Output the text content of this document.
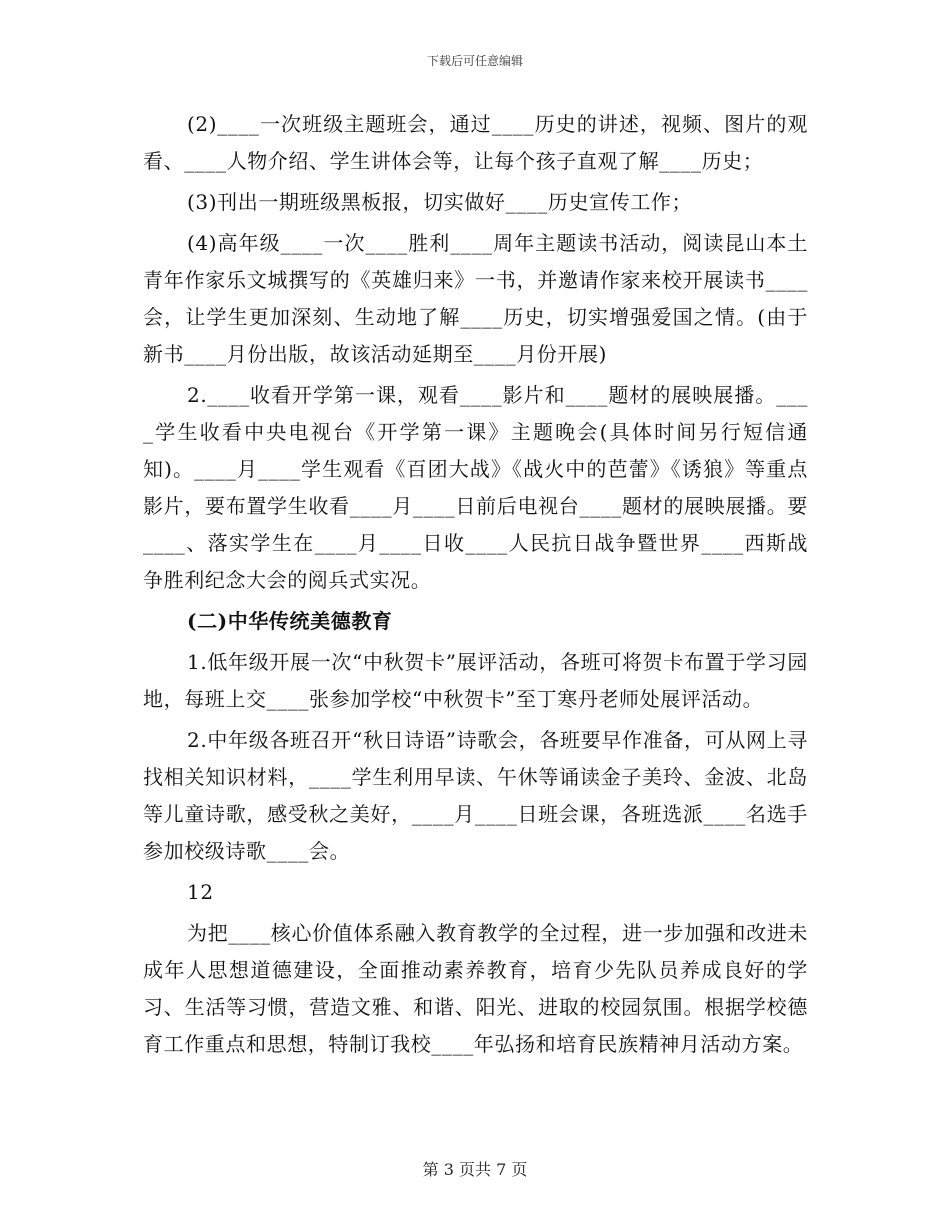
下载后可任意编辑

(2)____一次班级主题班会，通过____历史的讲述，视频、图片的观看、____人物介绍、学生讲体会等，让每个孩子直观了解____历史；

(3)刊出一期班级黑板报，切实做好____历史宣传工作；

(4)高年级____一次____胜利____周年主题读书活动，阅读昆山本土青年作家乐文城撰写的《英雄归来》一书，并邀请作家来校开展读书____会，让学生更加深刻、生动地了解____历史，切实增强爱国之情。(由于新书____月份出版，故该活动延期至____月份开展)

2.____收看开学第一课，观看____影片和____题材的展映展播。____学生收看中央电视台《开学第一课》主题晚会(具体时间另行短信通知)。____月____学生观看《百团大战》《战火中的芭蕾》《诱狼》等重点影片，要布置学生收看____月____日前后电视台____题材的展映展播。要____、落实学生在____月____日收____人民抗日战争暨世界____西斯战争胜利纪念大会的阅兵式实况。

(二)中华传统美德教育

1.低年级开展一次“中秋贺卡”展评活动，各班可将贺卡布置于学习园地，每班上交____张参加学校“中秋贺卡”至丁寒丹老师处展评活动。

2.中年级各班召开“秋日诗语”诗歌会，各班要早作准备，可从网上寻找相关知识材料，____学生利用早读、午休等诵读金子美玲、金波、北岛等儿童诗歌，感受秋之美好，____月____日班会课，各班选派____名选手参加校级诗歌____会。

12

为把____核心价值体系融入教育教学的全过程，进一步加强和改进未成年人思想道德建设，全面推动素养教育，培育少先队员养成良好的学习、生活等习惯，营造文雅、和谐、阳光、进取的校园氛围。根据学校德育工作重点和思想，特制订我校____年弘扬和培育民族精神月活动方案。

第 3 页共 7 页
